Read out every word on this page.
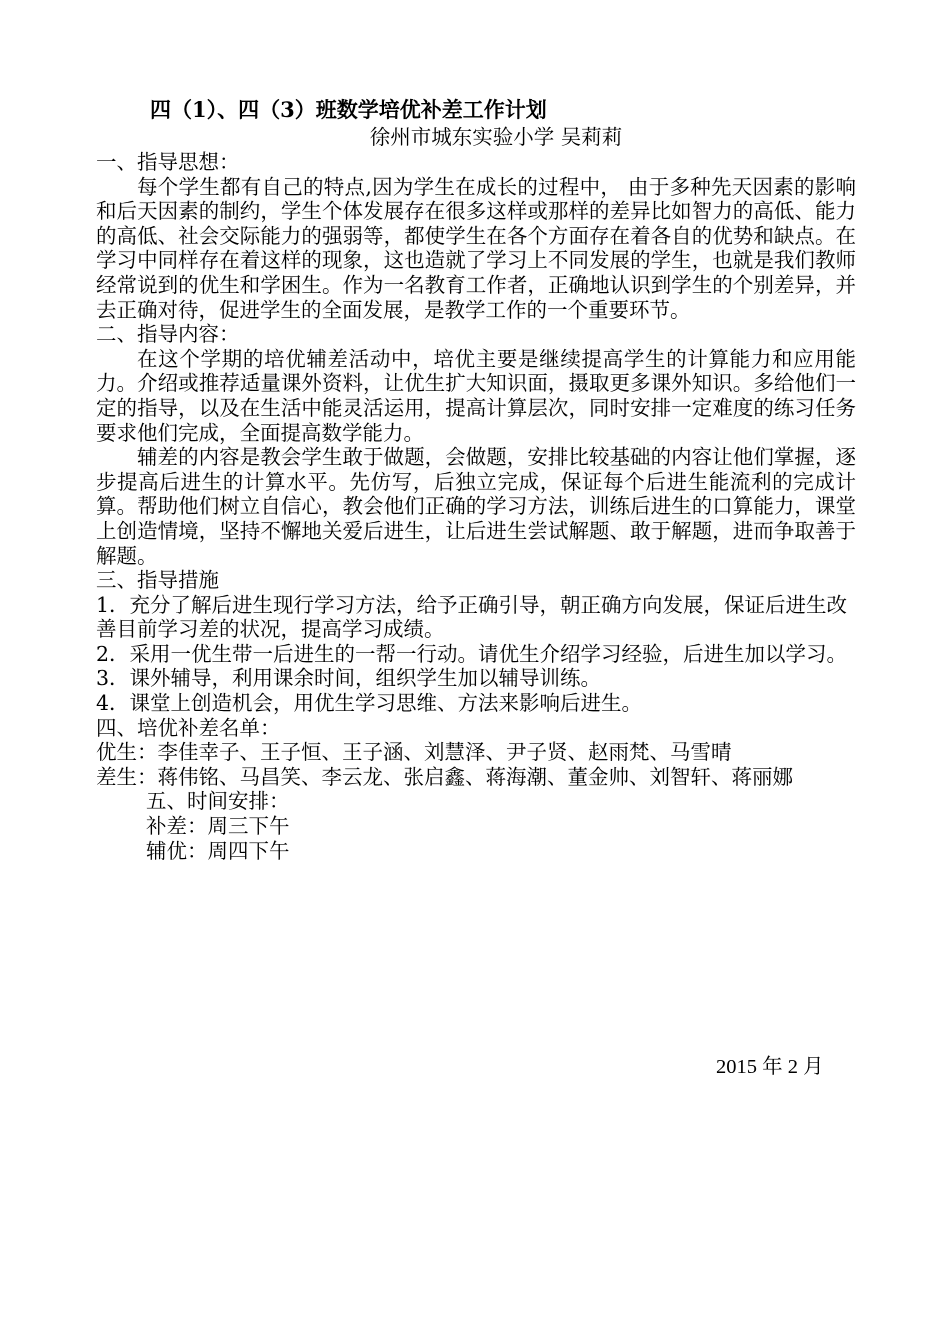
四（1）、四（3）班数学培优补差工作计划

徐州市城东实验小学 吴莉莉

一、指导思想：

每个学生都有自己的特点,因为学生在成长的过程中， 由于多种先天因素的影响和后天因素的制约，学生个体发展存在很多这样或那样的差异比如智力的高低、能力的高低、社会交际能力的强弱等，都使学生在各个方面存在着各自的优势和缺点。在学习中同样存在着这样的现象，这也造就了学习上不同发展的学生，也就是我们教师经常说到的优生和学困生。作为一名教育工作者，正确地认识到学生的个别差异，并去正确对待，促进学生的全面发展，是教学工作的一个重要环节。

二、指导内容：

在这个学期的培优辅差活动中，培优主要是继续提高学生的计算能力和应用能力。介绍或推荐适量课外资料，让优生扩大知识面，摄取更多课外知识。多给他们一定的指导，以及在生活中能灵活运用，提高计算层次，同时安排一定难度的练习任务要求他们完成，全面提高数学能力。

辅差的内容是教会学生敢于做题，会做题，安排比较基础的内容让他们掌握，逐步提高后进生的计算水平。先仿写，后独立完成，保证每个后进生能流利的完成计算。帮助他们树立自信心，教会他们正确的学习方法，训练后进生的口算能力，课堂上创造情境，坚持不懈地关爱后进生，让后进生尝试解题、敢于解题，进而争取善于解题。

三、指导措施

1．充分了解后进生现行学习方法，给予正确引导，朝正确方向发展，保证后进生改善目前学习差的状况，提高学习成绩。

2．采用一优生带一后进生的一帮一行动。请优生介绍学习经验，后进生加以学习。

3．课外辅导，利用课余时间，组织学生加以辅导训练。

4．课堂上创造机会，用优生学习思维、方法来影响后进生。

四、培优补差名单：

优生：李佳幸子、王子恒、王子涵、刘慧泽、尹子贤、赵雨梵、马雪晴

差生：蒋伟铭、马昌笑、李云龙、张启鑫、蒋海潮、董金帅、刘智轩、蒋丽娜

五、时间安排：

补差：周三下午

辅优：周四下午

2015 年 2 月
